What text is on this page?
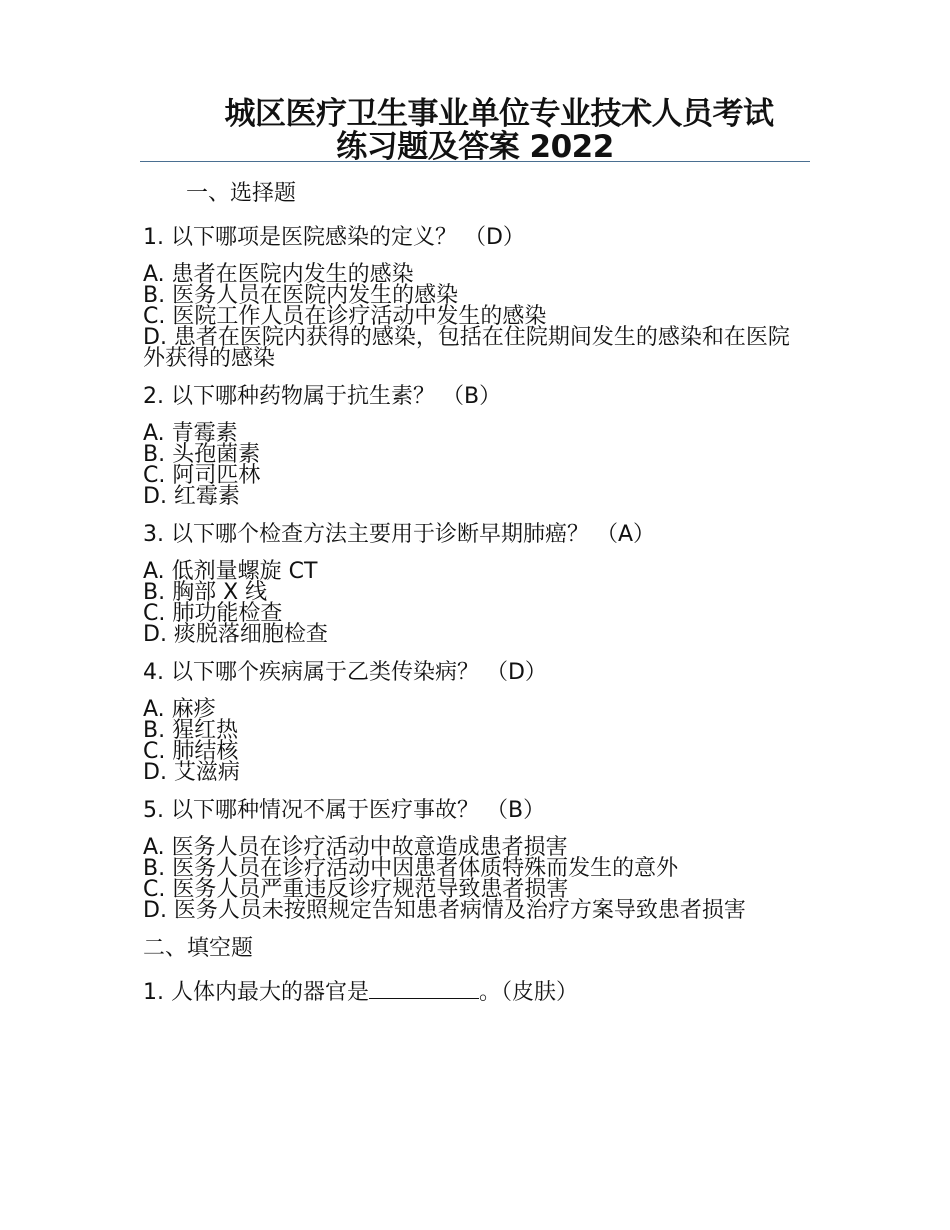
城区医疗卫生事业单位专业技术人员考试
练习题及答案 2022
一、选择题
1. 以下哪项是医院感染的定义？ （D）
A. 患者在医院内发生的感染
B. 医务人员在医院内发生的感染
C. 医院工作人员在诊疗活动中发生的感染
D. 患者在医院内获得的感染，包括在住院期间发生的感染和在医院外获得的感染
2. 以下哪种药物属于抗生素？ （B）
A. 青霉素
B. 头孢菌素
C. 阿司匹林
D. 红霉素
3. 以下哪个检查方法主要用于诊断早期肺癌？ （A）
A. 低剂量螺旋 CT
B. 胸部 X 线
C. 肺功能检查
D. 痰脱落细胞检查
4. 以下哪个疾病属于乙类传染病？ （D）
A. 麻疹
B. 猩红热
C. 肺结核
D. 艾滋病
5. 以下哪种情况不属于医疗事故？ （B）
A. 医务人员在诊疗活动中故意造成患者损害
B. 医务人员在诊疗活动中因患者体质特殊而发生的意外
C. 医务人员严重违反诊疗规范导致患者损害
D. 医务人员未按照规定告知患者病情及治疗方案导致患者损害
二、填空题
1. 人体内最大的器官是	。（皮肤）
